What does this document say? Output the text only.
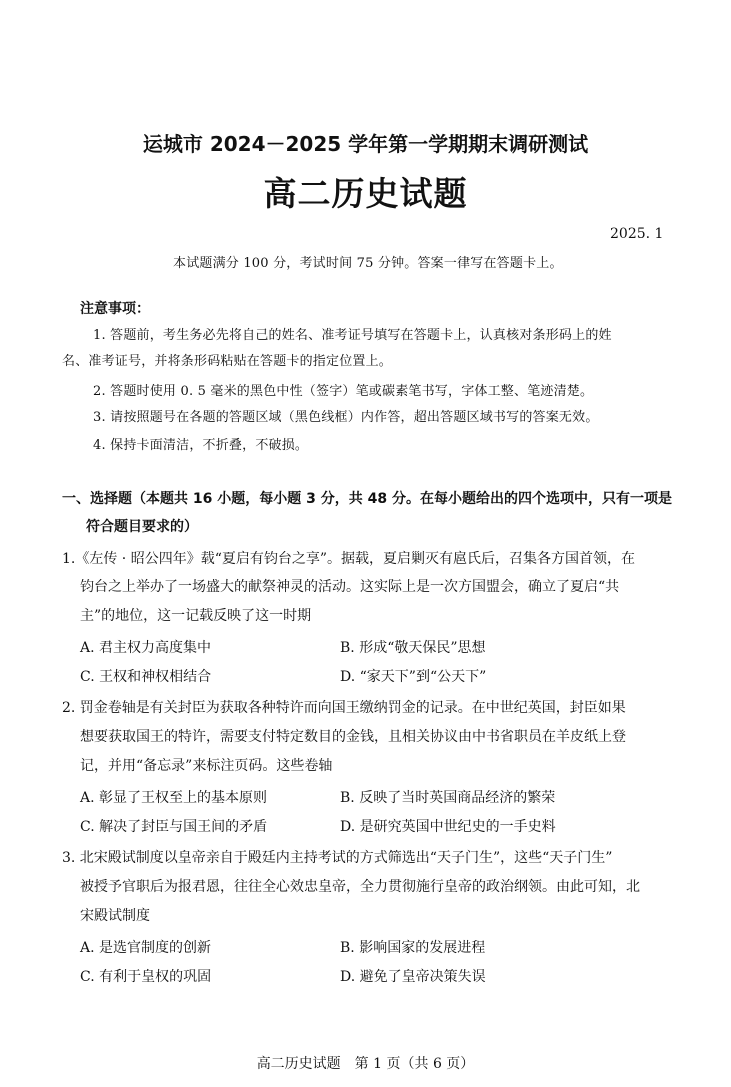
运城市 2024－2025 学年第一学期期末调研测试
高二历史试题
2025. 1
本试题满分 100 分，考试时间 75 分钟。答案一律写在答题卡上。
注意事项：
1. 答题前，考生务必先将自己的姓名、准考证号填写在答题卡上，认真核对条形码上的姓
名、准考证号，并将条形码粘贴在答题卡的指定位置上。
2. 答题时使用 0. 5 毫米的黑色中性（签字）笔或碳素笔书写，字体工整、笔迹清楚。
3. 请按照题号在各题的答题区域（黑色线框）内作答，超出答题区域书写的答案无效。
4. 保持卡面清洁，不折叠，不破损。
一、选择题（本题共 16 小题，每小题 3 分，共 48 分。在每小题给出的四个选项中，只有一项是
符合题目要求的）
1.《左传 · 昭公四年》载“夏启有钧台之享”。据载，夏启剿灭有扈氏后，召集各方国首领，在
钧台之上举办了一场盛大的献祭神灵的活动。这实际上是一次方国盟会，确立了夏启“共
主”的地位，这一记载反映了这一时期
A. 君主权力高度集中	B. 形成“敬天保民”思想
C. 王权和神权相结合	D. “家天下”到“公天下”
2. 罚金卷轴是有关封臣为获取各种特许而向国王缴纳罚金的记录。在中世纪英国，封臣如果
想要获取国王的特许，需要支付特定数目的金钱，且相关协议由中书省职员在羊皮纸上登
记，并用“备忘录”来标注页码。这些卷轴
A. 彰显了王权至上的基本原则	B. 反映了当时英国商品经济的繁荣
C. 解决了封臣与国王间的矛盾	D. 是研究英国中世纪史的一手史料
3. 北宋殿试制度以皇帝亲自于殿廷内主持考试的方式筛选出“天子门生”，这些“天子门生”
被授予官职后为报君恩，往往全心效忠皇帝，全力贯彻施行皇帝的政治纲领。由此可知，北
宋殿试制度
A. 是选官制度的创新	B. 影响国家的发展进程
C. 有利于皇权的巩固	D. 避免了皇帝决策失误
高二历史试题　第 1 页（共 6 页）
